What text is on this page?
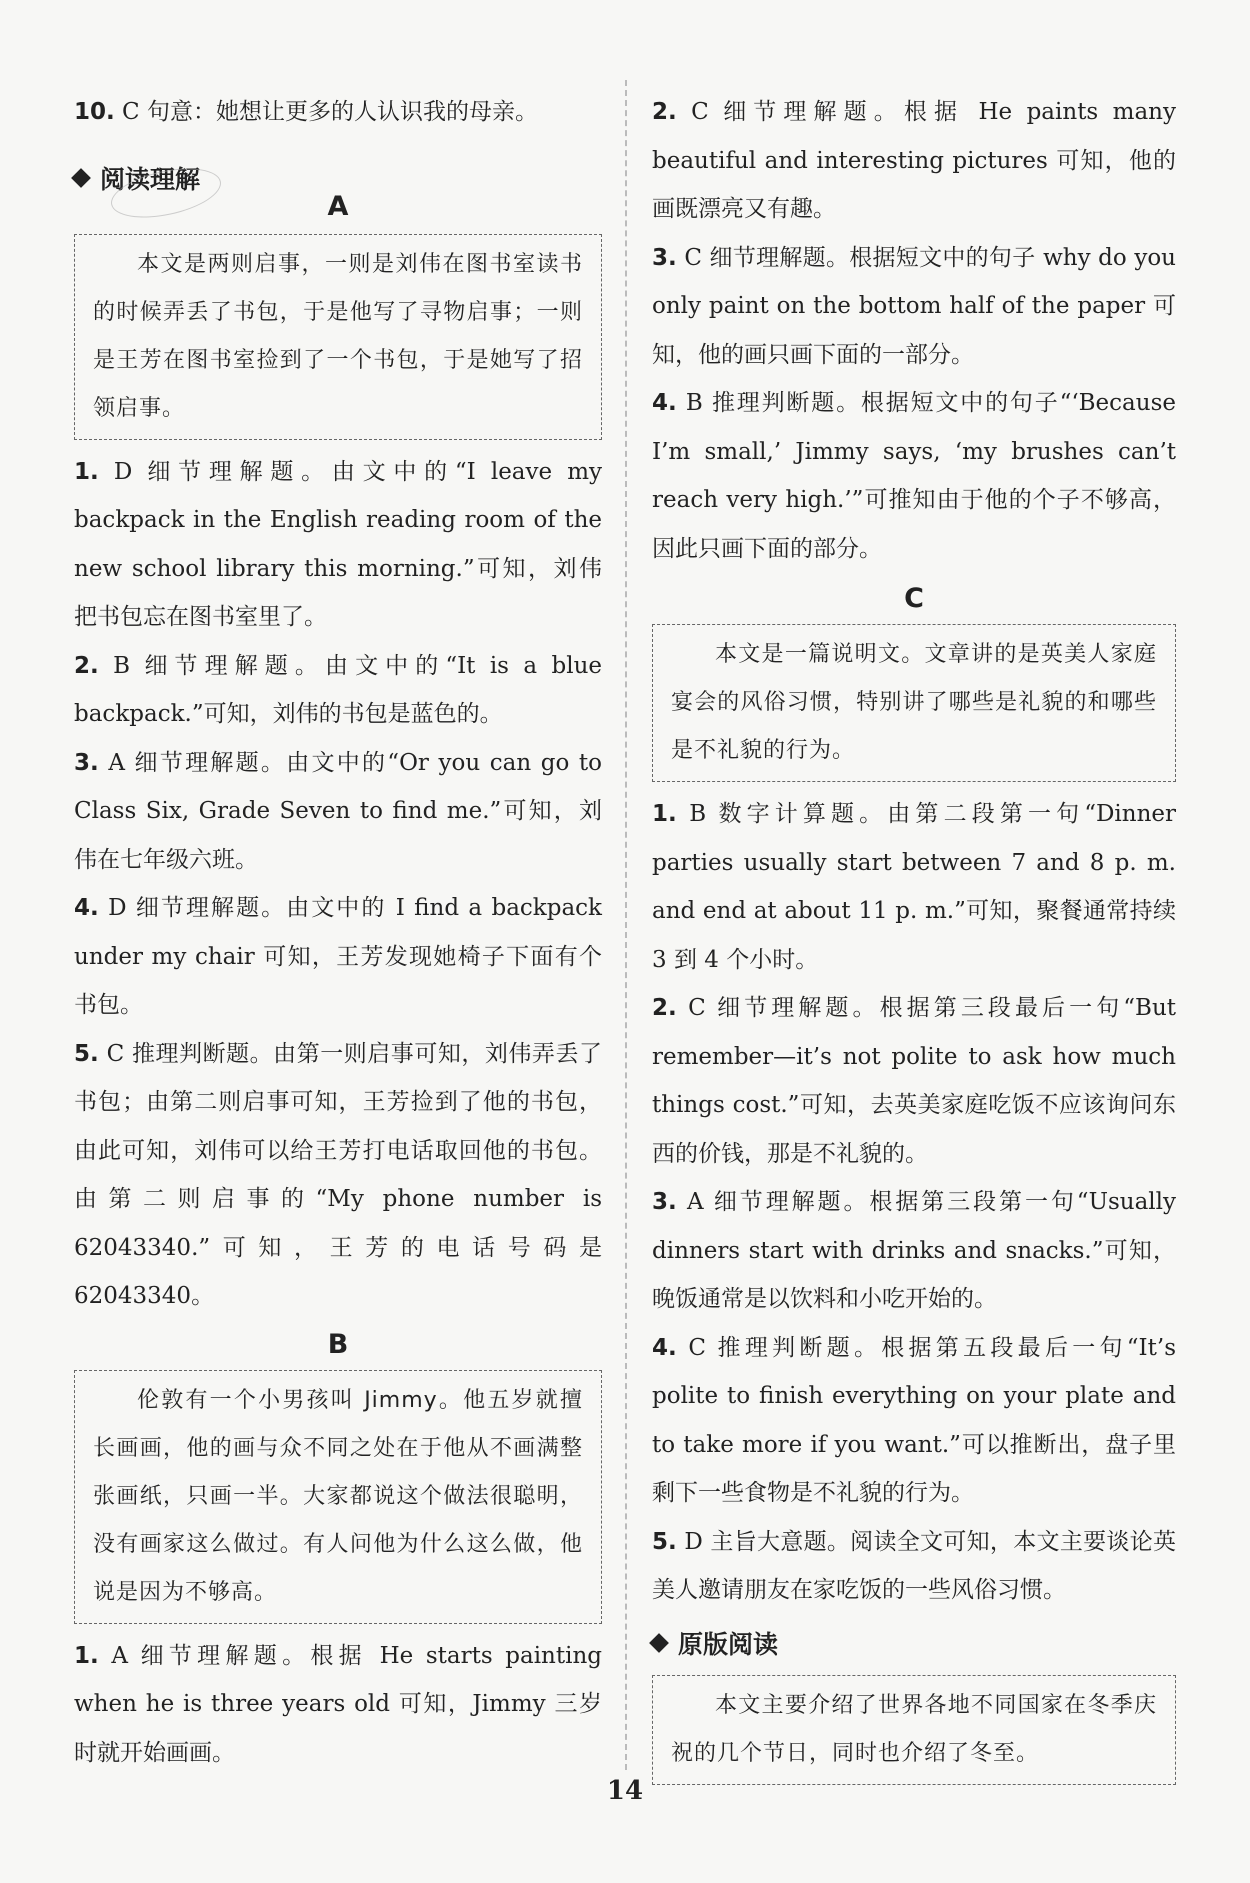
10. C 句意：她想让更多的人认识我的母亲。

阅读理解

A

本文是两则启事，一则是刘伟在图书室读书的时候弄丢了书包，于是他写了寻物启事；一则是王芳在图书室捡到了一个书包，于是她写了招领启事。

1. D 细节理解题。由文中的“I leave my backpack in the English reading room of the new school library this morning.”可知，刘伟把书包忘在图书室里了。

2. B 细节理解题。由文中的“It is a blue backpack.”可知，刘伟的书包是蓝色的。

3. A 细节理解题。由文中的“Or you can go to Class Six, Grade Seven to find me.”可知，刘伟在七年级六班。

4. D 细节理解题。由文中的 I find a backpack under my chair 可知，王芳发现她椅子下面有个书包。

5. C 推理判断题。由第一则启事可知，刘伟弄丢了书包；由第二则启事可知，王芳捡到了他的书包，由此可知，刘伟可以给王芳打电话取回他的书包。由第二则启事的“My phone number is 62043340.”可知，王芳的电话号码是 62043340。

B

伦敦有一个小男孩叫 Jimmy。他五岁就擅长画画，他的画与众不同之处在于他从不画满整张画纸，只画一半。大家都说这个做法很聪明，没有画家这么做过。有人问他为什么这么做，他说是因为不够高。

1. A 细节理解题。根据 He starts painting when he is three years old 可知，Jimmy 三岁时就开始画画。

2. C 细节理解题。根据 He paints many beautiful and interesting pictures 可知，他的画既漂亮又有趣。

3. C 细节理解题。根据短文中的句子 why do you only paint on the bottom half of the paper 可知，他的画只画下面的一部分。

4. B 推理判断题。根据短文中的句子“‘Because I’m small,’ Jimmy says, ‘my brushes can’t reach very high.’”可推知由于他的个子不够高，因此只画下面的部分。

C

本文是一篇说明文。文章讲的是英美人家庭宴会的风俗习惯，特别讲了哪些是礼貌的和哪些是不礼貌的行为。

1. B 数字计算题。由第二段第一句“Dinner parties usually start between 7 and 8 p. m. and end at about 11 p. m.”可知，聚餐通常持续 3 到 4 个小时。

2. C 细节理解题。根据第三段最后一句“But remember—it’s not polite to ask how much things cost.”可知，去英美家庭吃饭不应该询问东西的价钱，那是不礼貌的。

3. A 细节理解题。根据第三段第一句“Usually dinners start with drinks and snacks.”可知，晚饭通常是以饮料和小吃开始的。

4. C 推理判断题。根据第五段最后一句“It’s polite to finish everything on your plate and to take more if you want.”可以推断出，盘子里剩下一些食物是不礼貌的行为。

5. D 主旨大意题。阅读全文可知，本文主要谈论英美人邀请朋友在家吃饭的一些风俗习惯。

原版阅读
本文主要介绍了世界各地不同国家在冬季庆祝的几个节日，同时也介绍了冬至。
14
